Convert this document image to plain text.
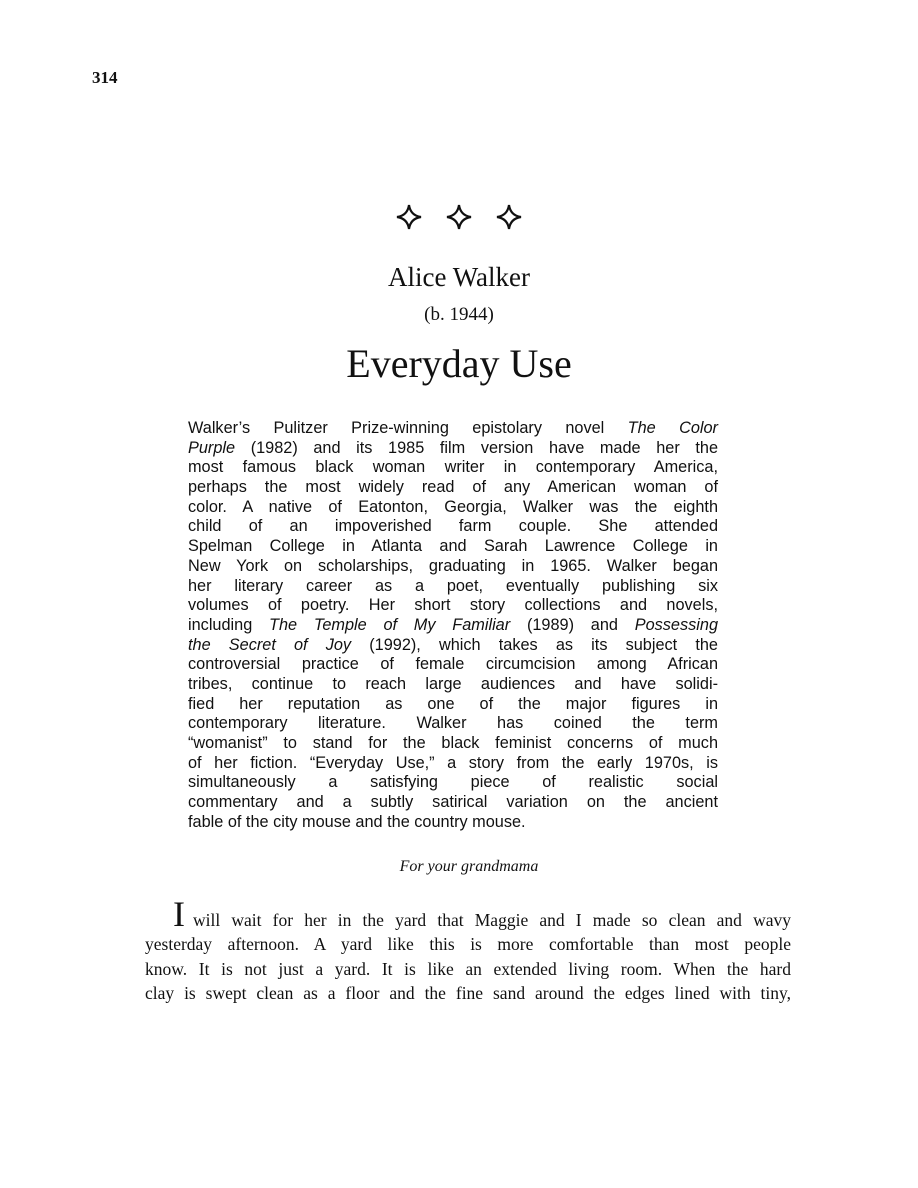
314

Alice Walker
(b. 1944)
Everyday Use
Walker’s Pulitzer Prize-winning epistolary novel The Color
Purple (1982) and its 1985 film version have made her the
most famous black woman writer in contemporary America,
perhaps the most widely read of any American woman of
color. A native of Eatonton, Georgia, Walker was the eighth
child of an impoverished farm couple. She attended
Spelman College in Atlanta and Sarah Lawrence College in
New York on scholarships, graduating in 1965. Walker began
her literary career as a poet, eventually publishing six
volumes of poetry. Her short story collections and novels,
including The Temple of My Familiar (1989) and Possessing
the Secret of Joy (1992), which takes as its subject the
controversial practice of female circumcision among African
tribes, continue to reach large audiences and have solidi-
fied her reputation as one of the major figures in
contemporary literature. Walker has coined the term
“womanist” to stand for the black feminist concerns of much
of her fiction. “Everyday Use,” a story from the early 1970s, is
simultaneously a satisfying piece of realistic social
commentary and a subtly satirical variation on the ancient
fable of the city mouse and the country mouse.
For your grandmama
Iwill wait for her in the yard that Maggie and I made so clean and wavy
yesterday afternoon. A yard like this is more comfortable than most people
know. It is not just a yard. It is like an extended living room. When the hard
clay is swept clean as a floor and the fine sand around the edges lined with tiny,
